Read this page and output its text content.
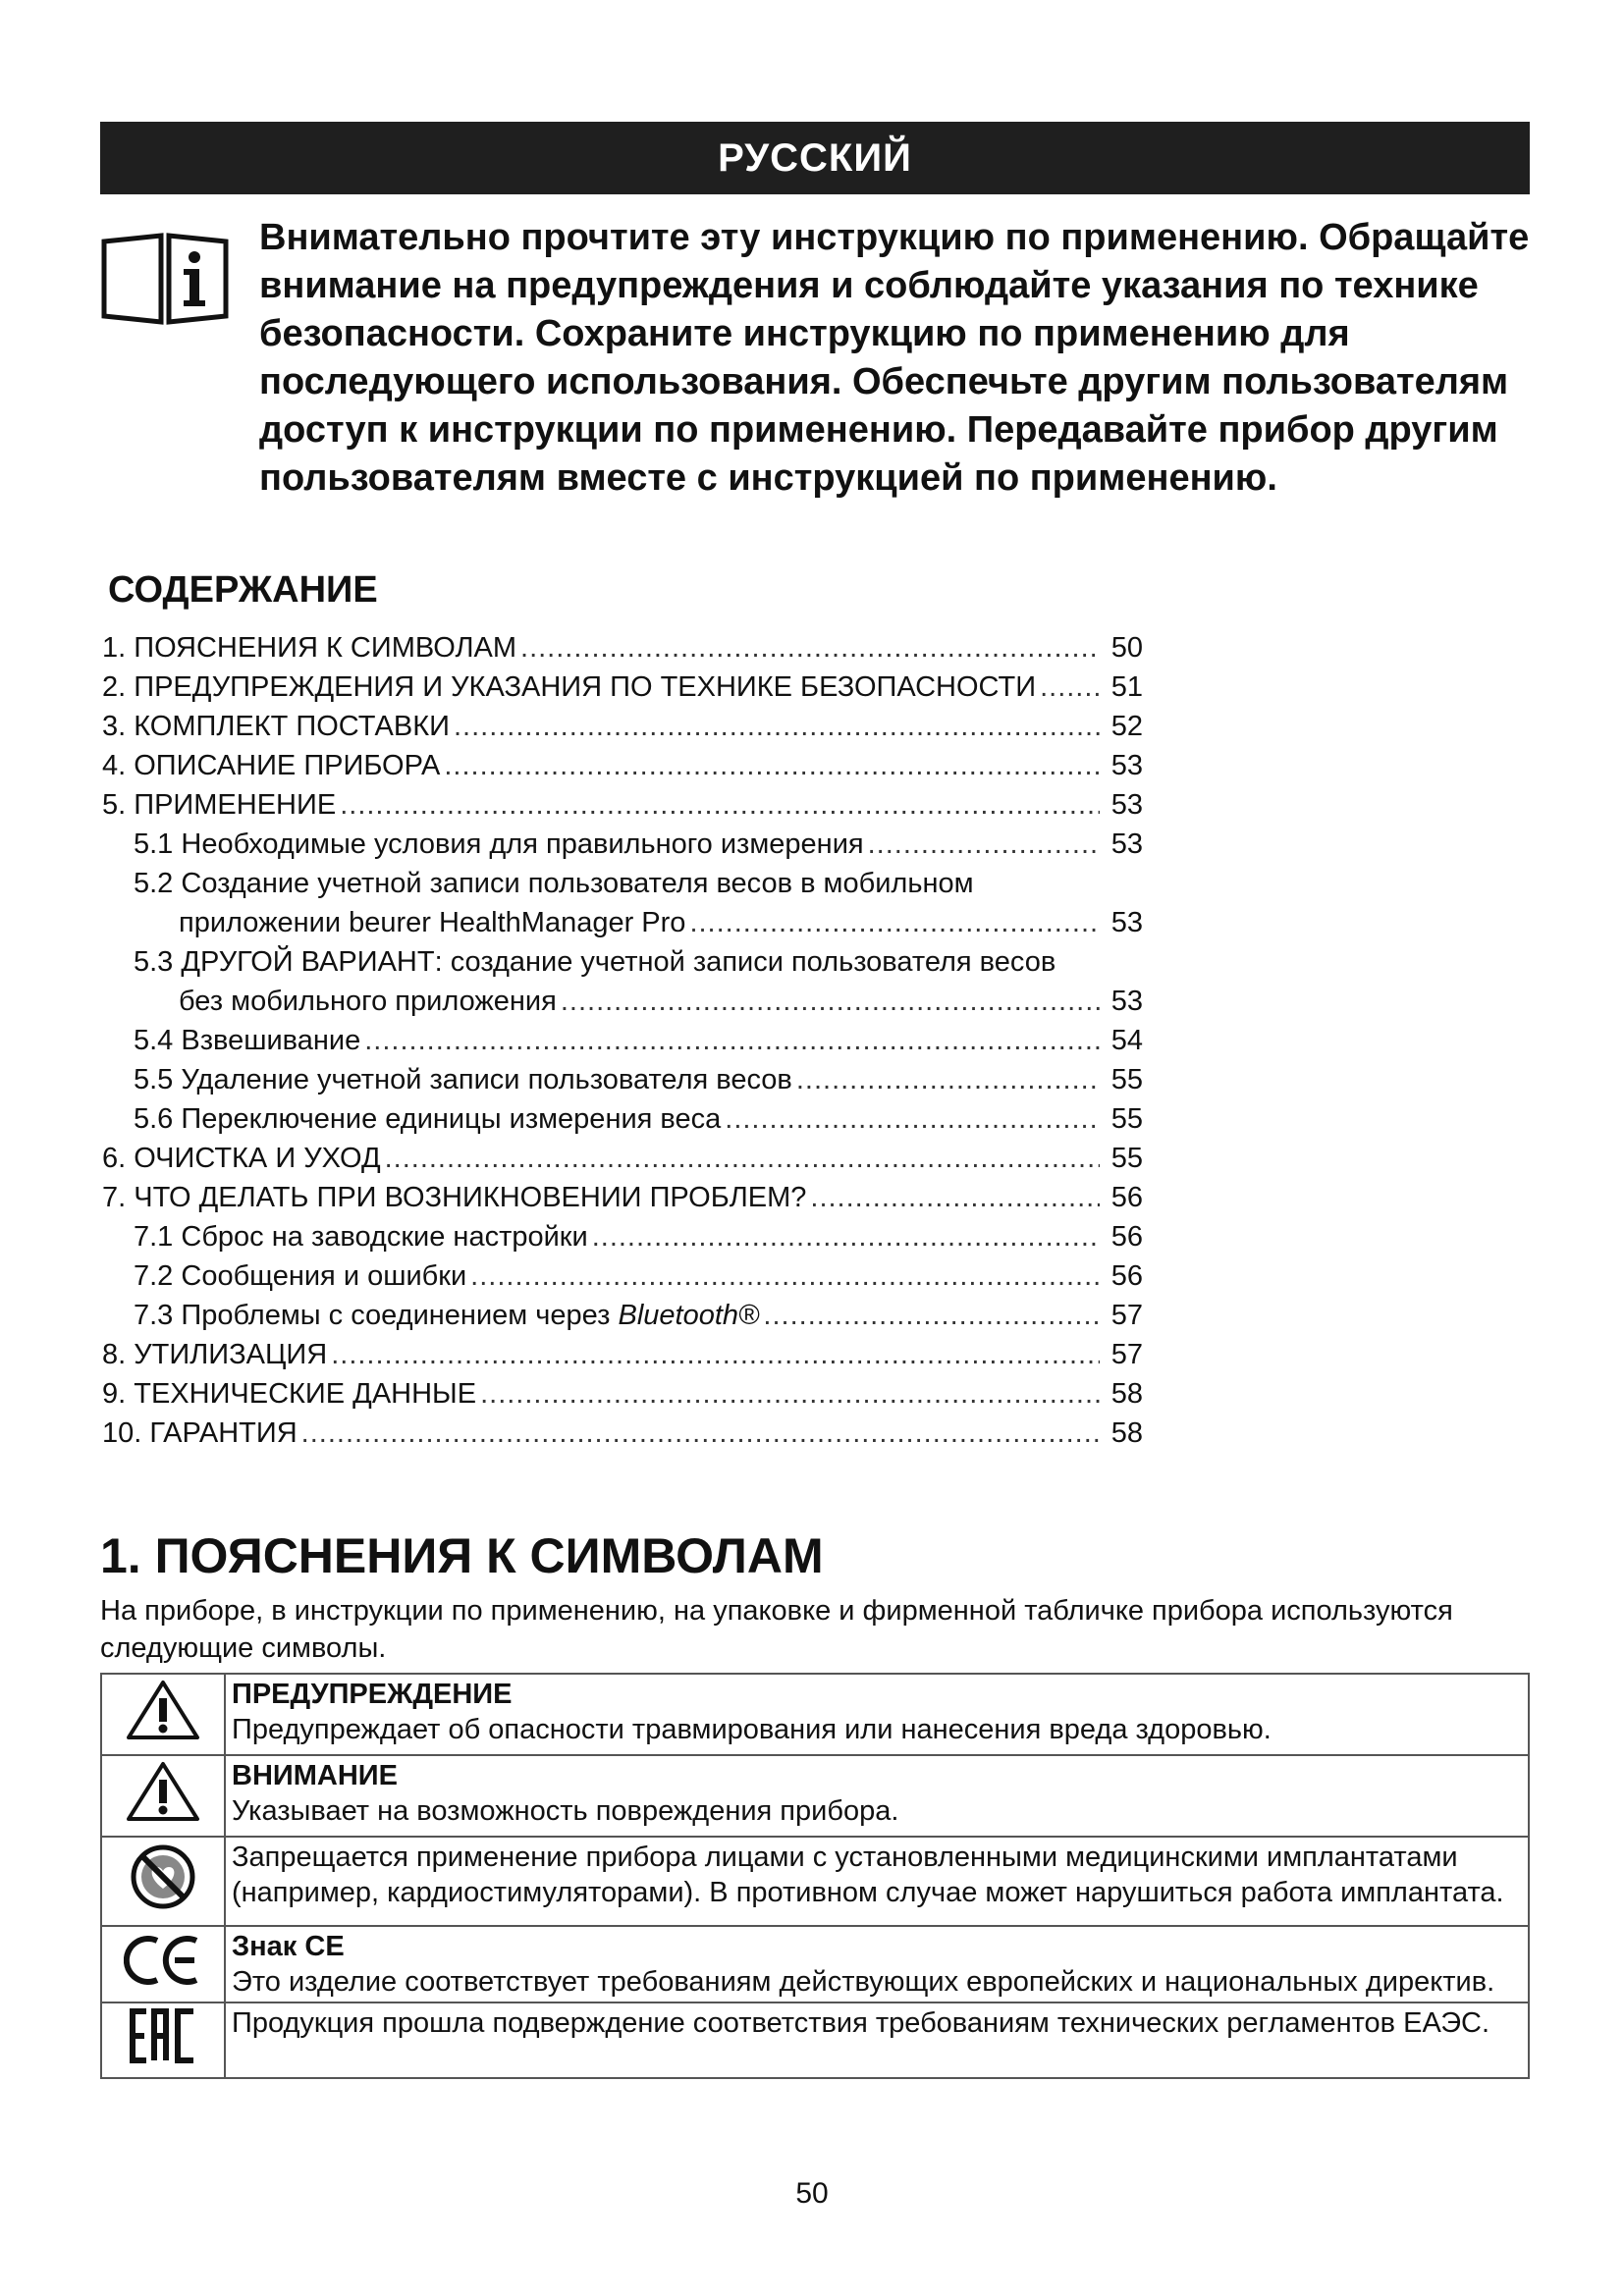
РУССКИЙ

Внимательно прочтите эту инструкцию по применению. Обращайте внимание на предупреждения и соблюдайте указания по технике безопасности. Сохраните инструкцию по применению для последующего использования. Обеспечьте другим пользователям доступ к инструкции по применению. Передавайте прибор другим пользователям вместе с инструкцией по применению.

СОДЕРЖАНИЕ
1. ПОЯСНЕНИЯ К СИМВОЛАМ .....	50
2. ПРЕДУПРЕЖДЕНИЯ И УКАЗАНИЯ ПО ТЕХНИКЕ БЕЗОПАСНОСТИ .....	51
3. КОМПЛЕКТ ПОСТАВКИ .....	52
4. ОПИСАНИЕ ПРИБОРА .....	53
5. ПРИМЕНЕНИЕ .....	53
5.1 Необходимые условия для правильного измерения .....	53
5.2 Создание учетной записи пользователя весов в мобильном
приложении beurer HealthManager Pro .....	53
5.3 ДРУГОЙ ВАРИАНТ: создание учетной записи пользователя весов
без мобильного приложения .....	53
5.4 Взвешивание .....	54
5.5 Удаление учетной записи пользователя весов .....	55
5.6 Переключение единицы измерения веса .....	55
6. ОЧИСТКА И УХОД .....	55
7. ЧТО ДЕЛАТЬ ПРИ ВОЗНИКНОВЕНИИ ПРОБЛЕМ? .....	56
7.1 Сброс на заводские настройки .....	56
7.2 Сообщения и ошибки .....	56
7.3 Проблемы с соединением через Bluetooth® .....	57
8. УТИЛИЗАЦИЯ .....	57
9. ТЕХНИЧЕСКИЕ ДАННЫЕ .....	58
10. ГАРАНТИЯ .....	58
1. ПОЯСНЕНИЯ К СИМВОЛАМ

На приборе, в инструкции по применению, на упаковке и фирменной табличке прибора используются следующие символы.

ПРЕДУПРЕЖДЕНИЕ
Предупреждает об опасности травмирования или нанесения вреда здоровью.

ВНИМАНИЕ
Указывает на возможность повреждения прибора.
	Запрещается применение прибора лицами с установленными медицинскими имплантатами (например, кардиостимуляторами). В противном случае может нарушиться работа имплантата.

Знак CE
Это изделие соответствует требованиям действующих европейских и национальных директив.
	Продукция прошла подверждение соответствия требованиям технических регламентов ЕАЭС.
50
